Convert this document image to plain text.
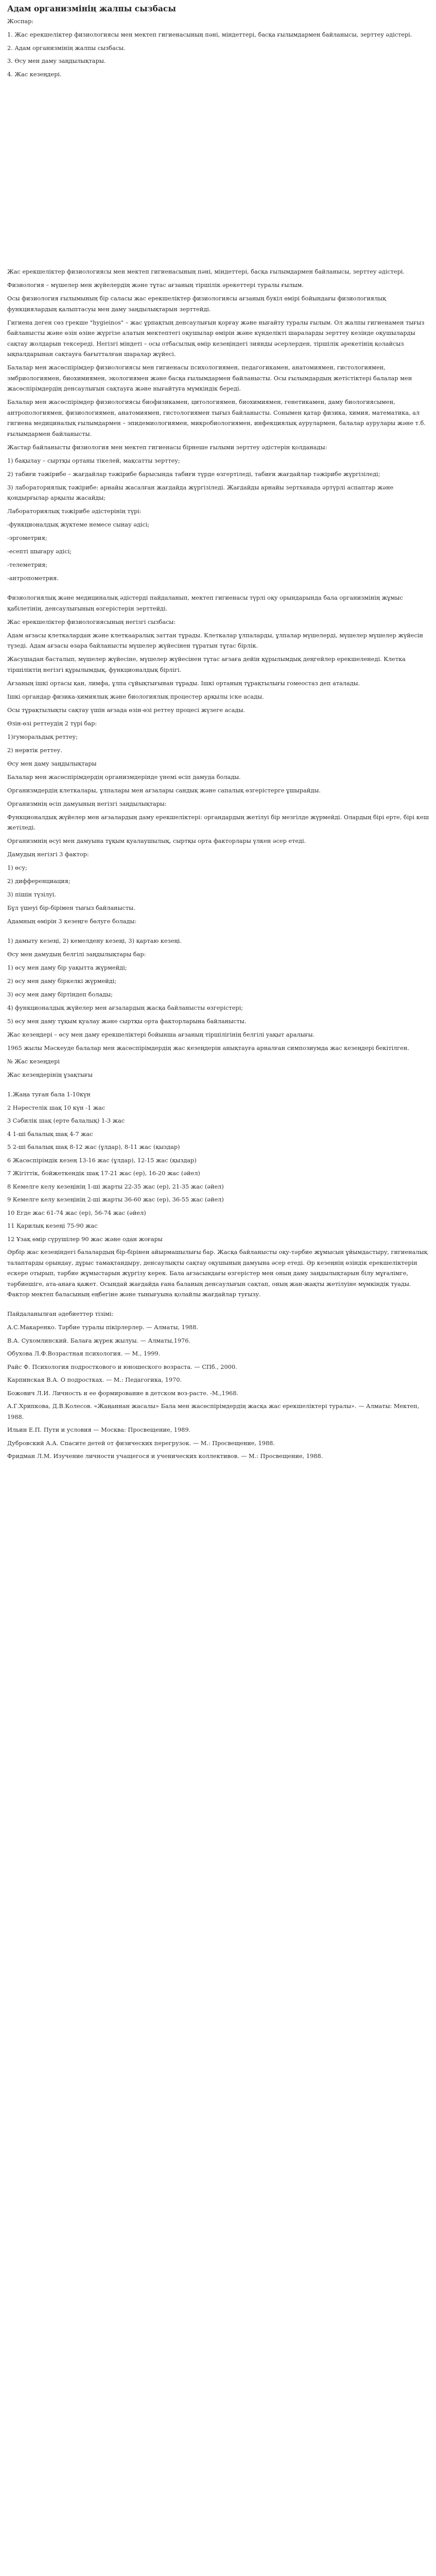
Адам организмінің жалпы сызбасы

Жоспар:

1. Жас ерекшеліктер физиологиясы мен мектеп гигиенасының пәні, міндеттері, басқа ғылымдармен байланысы, зерттеу әдістері.

2. Адам организмінің жалпы сызбасы.

3. Өсу мен даму заңдылықтары.

4. Жас кезеңдері.

Жас ерекшеліктер физиологиясы мен мектеп гигиенасының пәні, міндеттері, басқа ғылымдармен байланысы, зерттеу әдістері.

Физиология – мүшелер мен жүйелердің және тұтас ағзаның тіршілік әрекеттері туралы ғылым.

Осы физиология ғылымының бір саласы жас ерекшеліктер физиологиясы ағзаның букіл өмірі бойындағы физиологиялық функциялардың қалыптасуы мен даму заңдылықтарын зерттейді.

Гигиена деген сөз грекше "hygieinos" – жас ұрпақтың денсаулығын қорғау және нығайту туралы ғылым. Ол жалпы гигиенамен тығыз байланысты және өзін өзіне жүргізе алатын мектептегі оқушылар өмірін және күнделікті шараларды зерттеу кезінде оқушыларды сақтау жолдарын тексереді. Негізгі міндеті – осы отбасылық өмір кезеңіндегі зиянды әсерлерден, тіршілік әрекетінің қолайсыз ықпалдарынан сақтауға бағытталған шаралар жүйесі.

Балалар мен жасөспірімдер физиологиясы мен гигиенасы психологиямен, педагогикамен, анатомиямен, гистологиямен, эмбриологиямен, биохимиямен, экологиямен және басқа ғылымдармен байланысты. Осы ғылымдардың жетістіктері балалар мен жасөспірімдердің денсаулығын сақтауға және нығайтуға мүмкіндік береді.

Балалар мен жасөспірімдер физиологиясы биофизикамен, цитологиямен, биохимиямен, генетикамен, даму биологиясымен, антропологиямен, физиологиямен, анатомиямен, гистологиямен тығыз байланысты. Сонымен қатар физика, химия, математика, ал гигиена медициналық ғылымдармен – эпидемиологиямен, микробиологиямен, инфекциялық аурулармен, балалар аурулары және т.б. ғылымдармен байланысты.

Жастар байланысты физиология мен мектеп гигиенасы бірнеше ғылыми зерттеу әдістерін қолданады:

1) бақылау – сыртқы ортаны тікелей, мақсатты зерттеу;

2) табиғи тәжірибе – жағдайлар тәжірибе барысында табиғи түрде өзгертіледі, табиғи жағдайлар тәжірибе жүргізіледі;

3) лабораториялық тәжірибе: арнайы жасалған жағдайда жүргізіледі. Жағдайды арнайы зертханада әртүрлі аспаптар және қондырғылар арқылы жасайды;

Лабораториялық тәжірибе әдістерінің түрі:

-функционалдық жүктеме немесе сынау әдісі;

-эргометрия;

-есепті шығару әдісі;

-телеметрия;

-антропометрия.

Физиологиялық және медициналық әдістерді пайдаланып, мектеп гигиенасы түрлі оқу орындарында бала организмінің жұмыс қабілетінің, денсаулығының өзгерістерін зерттейді.

Жас ерекшеліктер физиологиясының негізгі сызбасы:

Адам ағзасы клеткалардан және клеткааралық заттан тұрады. Клеткалар ұлпаларды, ұлпалар мүшелерді, мүшелер мүшелер жүйесін түзеді. Адам ағзасы өзара байланысты мүшелер жүйесінен тұратын тұтас бірлік.

Жасушадан басталып, мүшелер жүйесіне, мүшелер жүйесінен тұтас ағзаға дейін құрылымдық деңгейлер ерекшеленеді. Клетка тіршіліктің негізгі құрылымдық, функционалдық бірлігі.

Ағзаның ішкі ортасы қан, лимфа, ұлпа сұйықтығынан тұрады. Ішкі ортаның тұрақтылығы гомеостаз деп аталады.

Ішкі органдар физика-химиялық және биологиялық процестер арқылы іске асады.

Осы тұрақтылықты сақтау үшін ағзада өзін-өзі реттеу процесі жүзеге асады.

Өзін-өзі реттеудің 2 түрі бар:

1)гуморальдық реттеу;

2) нервтік реттеу.

Өсу мен даму заңдылықтары

Балалар мен жасөспірімдердің организмдерінде үнемі өсіп дамуда болады.

Организмдердің клеткалары, ұлпалары мен ағзалары сандық және сапалық өзгерістерге ұшырайды.

Организмнің өсіп дамуының негізгі заңдылықтары:

Функционалдық жүйелер мен ағзалардың даму ерекшеліктері: органдардың жетілуі бір мезгілде жүрмейді. Олардың бірі ерте, бірі кеш жетіледі.

Организмнің өсуі мен дамуына тұқым қуалаушылық, сыртқы орта факторлары үлкен әсер етеді.

Дамудың негізгі 3 фактор:

1) өсу;

2) дифференциация;

3) пішін түзілуі.

Бұл үшеуі бір-бірімен тығыз байланысты.

Адамның өмірін 3 кезеңге бөлуге болады:

1) дамыту кезеңі, 2) кемелдену кезеңі, 3) қартаю кезеңі.

Өсу мен дамудың белгілі заңдылықтары бар:

1) өсу мен даму бір уақытта жүрмейді;

2) өсу мен даму біркелкі жүрмейді;

3) өсу мен даму біртіндеп болады;

4) функционалдық жүйелер мен ағзалардың жасқа байланысты өзгерістері;

5) өсу мен даму тұқым қуалау және сыртқы орта факторларына байланысты.

Жас кезеңдері – өсу мен даму ерекшеліктері бойынша ағзаның тіршілігінің белгілі уақыт аралығы.

1965 жылы Мәскеуде балалар мен жасөспірімдердің жас кезеңдерін анықтауға арналған симпозиумда жас кезеңдері бекітілген.

№ Жас кезеңдері

Жас кезеңдерінің ұзақтығы

1.Жаңа туған бала 1-10күн

2 Нәрестелік шақ 10 күн -1 жас

3 Сәбилік шақ (ерте балалық) 1-3 жас

4 1-ші балалық шақ 4-7 жас

5 2-ші балалық шақ 8-12 жас (ұлдар), 8-11 жас (қыздар)

6 Жасөспірімдік кезең 13-16 жас (ұлдар), 12-15 жас (қыздар)

7 Жігіттік, бойжеткендік шақ 17-21 жас (ер), 16-20 жас (әйел)

8 Кемелге келу кезеңінің 1-ші жарты 22-35 жас (ер), 21-35 жас (әйел)

9 Кемелге келу кезеңінің 2-ші жарты 36-60 жас (ер), 36-55 жас (әйел)

10 Егде жас 61-74 жас (ер), 56-74 жас (әйел)

11 Қарилық кезеңі 75-90 жас

12 Ұзақ өмір сүрушілер 90 жас және одан жоғары

Әрбір жас кезеңіндегі балалардың бір-бірінен айырмашылығы бар. Жасқа байланысты оқу-тәрбие жұмысын ұйымдастыру, гигиеналық талаптарды орындау, дұрыс тамақтандыру, денсаулықты сақтау оқушының дамуына әсер етеді. Әр кезеңнің өзіндік ерекшеліктерін ескере отырып, тәрбие жұмыстарын жүргізу керек. Бала ағзасындағы өзгерістер мен оның даму заңдылықтарын білу мұғалімге, тәрбиешіге, ата-анаға қажет. Осындай жағдайда ғана баланың денсаулығын сақтап, оның жан-жақты жетілуіне мүмкіндік туады. Фактор мектеп баласының еңбегіне және тынығуына қолайлы жағдайлар туғызу.

Пайдаланылған әдебиеттер тізімі:

А.С.Макаренко. Тәрбие туралы пікірлерлер. — Алматы, 1988.

В.А. Сухомлинский. Балаға жүрек жылуы. — Алматы,1976.

Обухова Л.Ф.Возрастная психология. — М., 1999.

Райс Ф. Психология подросткового и юношеского возраста. — СПб., 2000.

Карпинская В.А. О подростках. — М.: Педагогика, 1970.

Божович Л.И. Личность и ее формирование в детском воз-расте. -М.,1968.

А.Г.Хрипкова, Д.В.Колесов. «Жаңаннан жасалы» Бала мен жасөспірімдердің жасқа жас ерекшеліктері туралы». — Алматы: Мектеп, 1988.

Ильин Е.П. Пути и условия — Москва: Просвещение, 1989.

Дубровский А.А. Спасите детей от физических перегрузок. — М.: Просвещение, 1988.

Фридман Л.М. Изучение личности учащегося и ученических коллективов. — М.: Просвещение, 1988.
